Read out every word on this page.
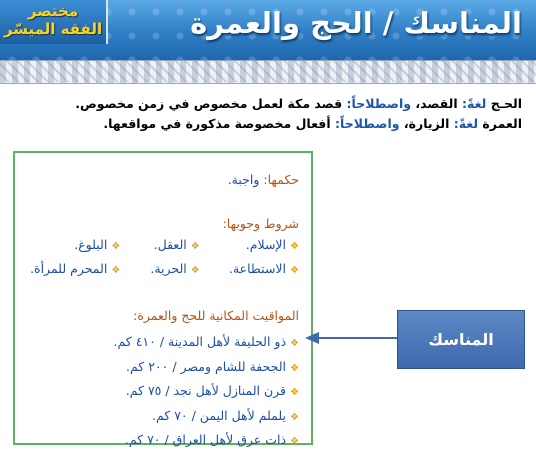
المناسك / الحج والعمرة
مختصر
الفقه الميسّر
الحـج لغةً: القصد، واصطلاحاً: قصد مكة لعمل مخصوص في زمن مخصوص.
العمرة لغةً: الزيارة، واصطلاحاً: أفعال مخصوصة مذكورة في مواقعها.
حكمها: واجبة.
شروط وجوبها:
❖الإسلام.
❖العقل.
❖البلوغ.
❖الاستطاعة.
❖الحرية.
❖المحرم للمرأة.
المواقيت المكانية للحج والعمرة:
❖ذو الحليفة لأهل المدينة / ٤١٠ كم.
❖الجحفة للشام ومصر / ٢٠٠ كم.
❖قرن المنازل لأهل نجد / ٧٥ كم.
❖يلملم لأهل اليمن / ٧٠ كم.
❖ذات عرق لأهل العراق / ٧٠ كم.
المناسك
